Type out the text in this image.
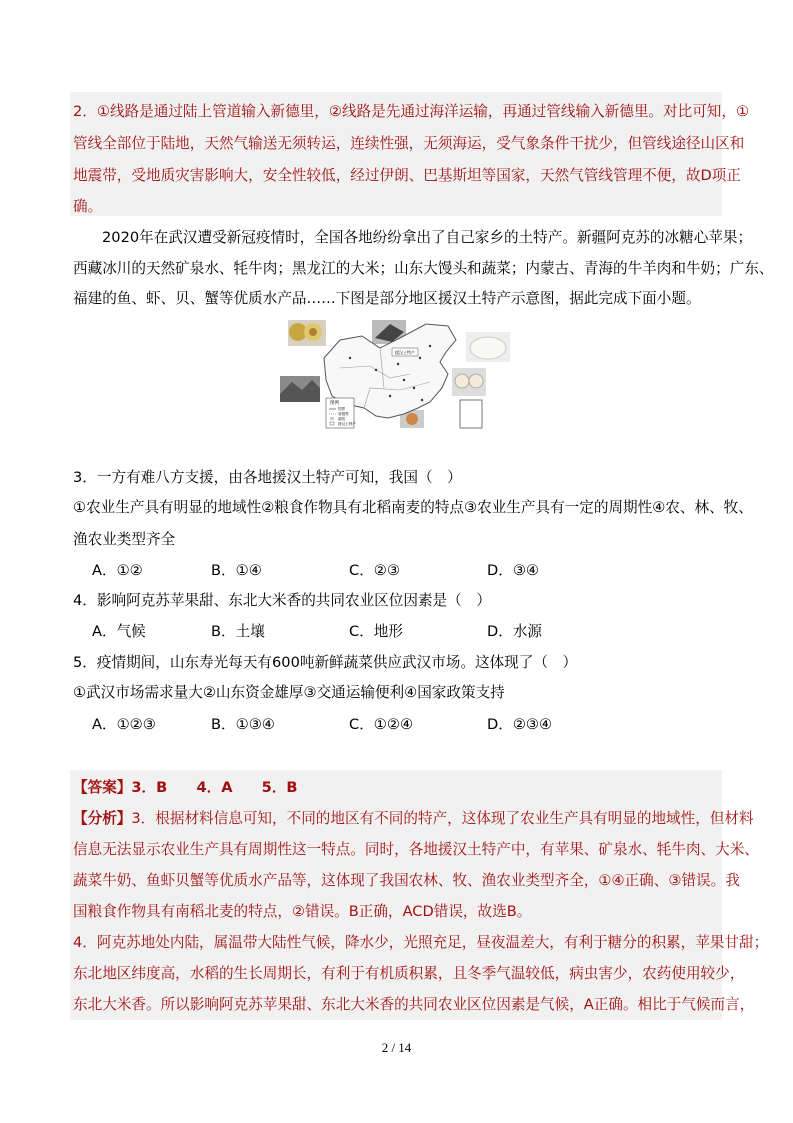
2．①线路是通过陆上管道输入新德里，②线路是先通过海洋运输，再通过管线输入新德里。对比可知，①
管线全部位于陆地，天然气输送无须转运，连续性强，无须海运，受气象条件干扰少，但管线途径山区和
地震带，受地质灾害影响大，安全性较低，经过伊朗、巴基斯坦等国家，天然气管线管理不便，故D项正
确。
2020年在武汉遭受新冠疫情时，全国各地纷纷拿出了自己家乡的土特产。新疆阿克苏的冰糖心苹果；
西藏冰川的天然矿泉水、牦牛肉；黑龙江的大米；山东大馒头和蔬菜；内蒙古、青海的牛羊肉和牛奶；广东、
福建的鱼、虾、贝、蟹等优质水产品……下图是部分地区援汉土特产示意图，据此完成下面小题。
援汉土特产
图例
国界
省级界
湖泊
援汉土特产
3．一方有难八方支援，由各地援汉土特产可知，我国（　）
①农业生产具有明显的地域性②粮食作物具有北稻南麦的特点③农业生产具有一定的周期性④农、林、牧、
渔农业类型齐全
A．①②	B．①④	C．②③	D．③④
4．影响阿克苏苹果甜、东北大米香的共同农业区位因素是（　）
A．气候	B．土壤	C．地形	D．水源
5．疫情期间，山东寿光每天有600吨新鲜蔬菜供应武汉市场。这体现了（　）
①武汉市场需求量大②山东资金雄厚③交通运输便利④国家政策支持
A．①②③	B．①③④	C．①②④	D．②③④
【答案】3．B　　4．A　　5．B
【分析】3．根据材料信息可知，不同的地区有不同的特产，这体现了农业生产具有明显的地域性，但材料
信息无法显示农业生产具有周期性这一特点。同时，各地援汉土特产中，有苹果、矿泉水、牦牛肉、大米、
蔬菜牛奶、鱼虾贝蟹等优质水产品等，这体现了我国农林、牧、渔农业类型齐全，①④正确、③错误。我
国粮食作物具有南稻北麦的特点，②错误。B正确，ACD错误，故选B。
4．阿克苏地处内陆，属温带大陆性气候，降水少，光照充足，昼夜温差大，有利于糖分的积累，苹果甘甜；
东北地区纬度高，水稻的生长周期长，有利于有机质积累，且冬季气温较低，病虫害少，农药使用较少，
东北大米香。所以影响阿克苏苹果甜、东北大米香的共同农业区位因素是气候，A正确。相比于气候而言，
2 / 14
